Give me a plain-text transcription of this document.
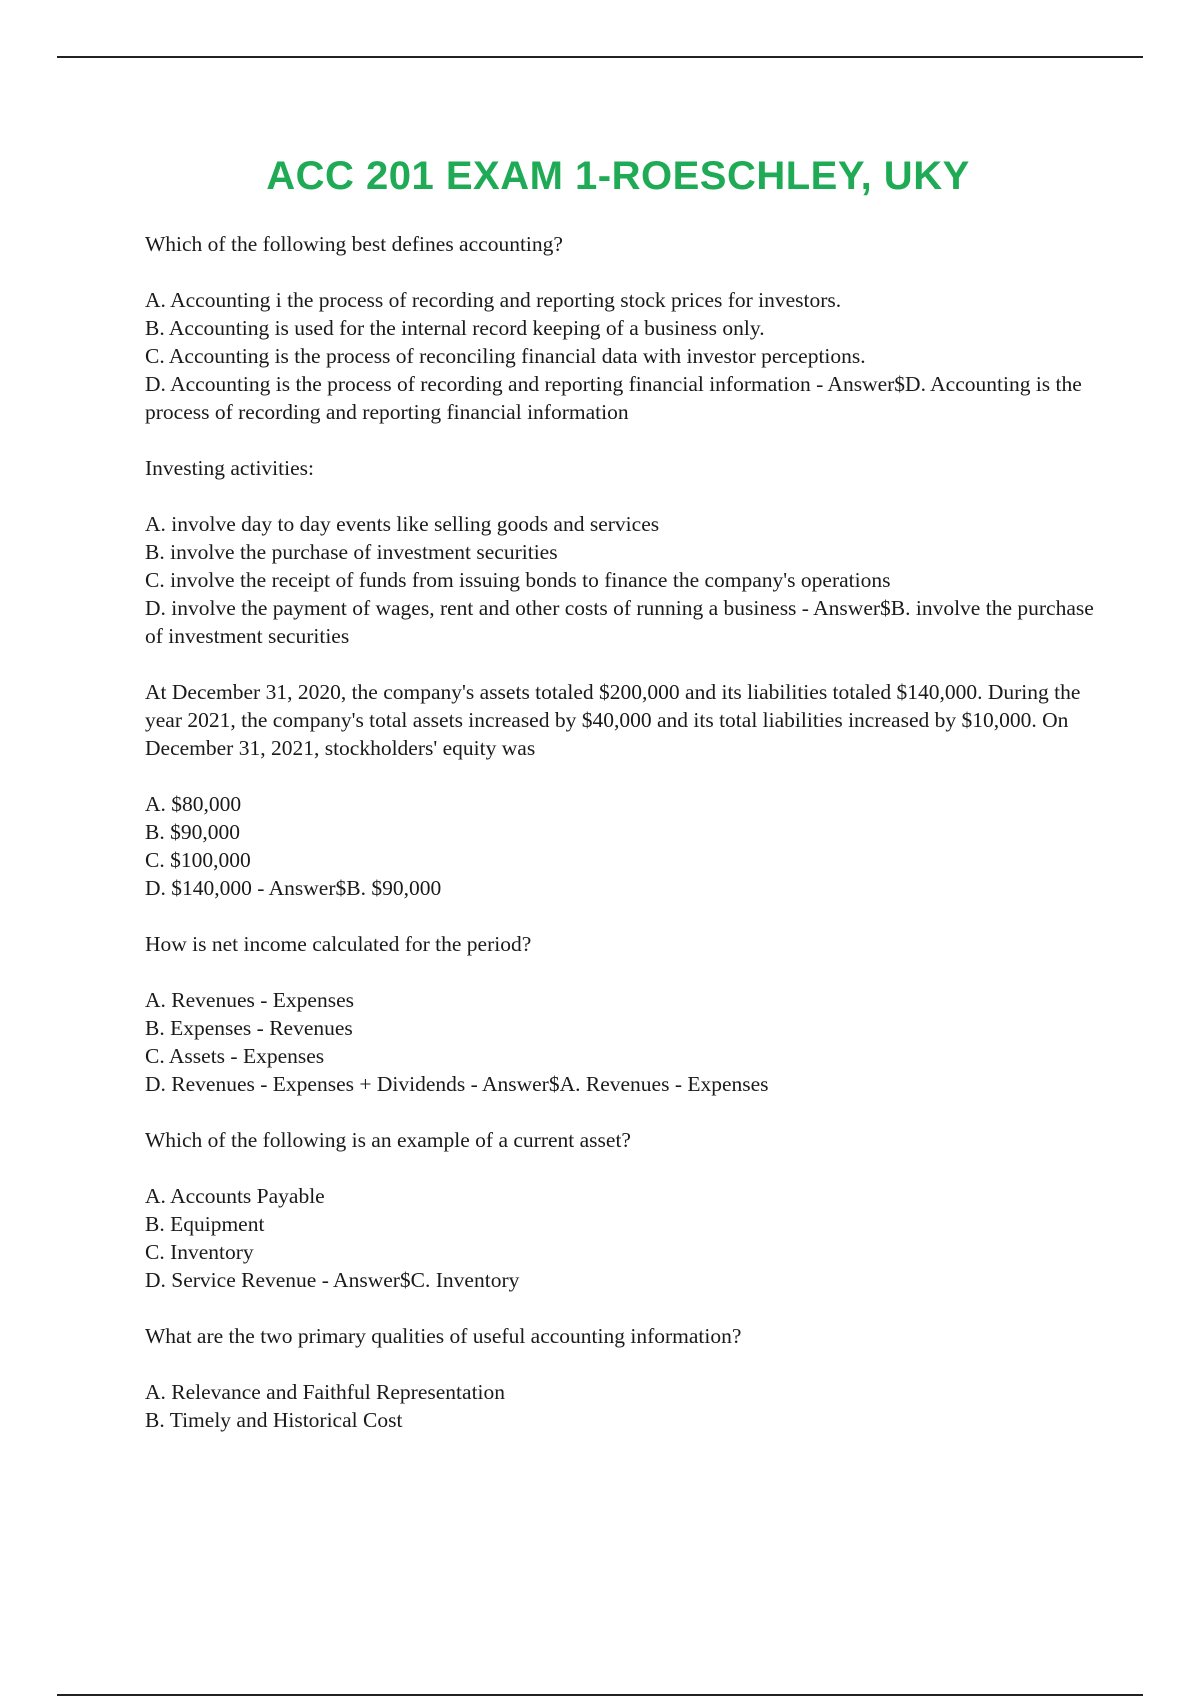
ACC 201 EXAM 1-ROESCHLEY, UKY
Which of the following best defines accounting?
A. Accounting i the process of recording and reporting stock prices for investors.
B. Accounting is used for the internal record keeping of a business only.
C. Accounting is the process of reconciling financial data with investor perceptions.
D. Accounting is the process of recording and reporting financial information - Answer$D. Accounting is the process of recording and reporting financial information
Investing activities:
A. involve day to day events like selling goods and services
B. involve the purchase of investment securities
C. involve the receipt of funds from issuing bonds to finance the company's operations
D. involve the payment of wages, rent and other costs of running a business - Answer$B. involve the purchase of investment securities
At December 31, 2020, the company's assets totaled $200,000 and its liabilities totaled $140,000. During the year 2021, the company's total assets increased by $40,000 and its total liabilities increased by $10,000. On December 31, 2021, stockholders' equity was
A. $80,000
B. $90,000
C. $100,000
D. $140,000 - Answer$B. $90,000
How is net income calculated for the period?
A. Revenues - Expenses
B. Expenses - Revenues
C. Assets - Expenses
D. Revenues - Expenses + Dividends - Answer$A. Revenues - Expenses
Which of the following is an example of a current asset?
A. Accounts Payable
B. Equipment
C. Inventory
D. Service Revenue - Answer$C. Inventory
What are the two primary qualities of useful accounting information?
A. Relevance and Faithful Representation
B. Timely and Historical Cost
